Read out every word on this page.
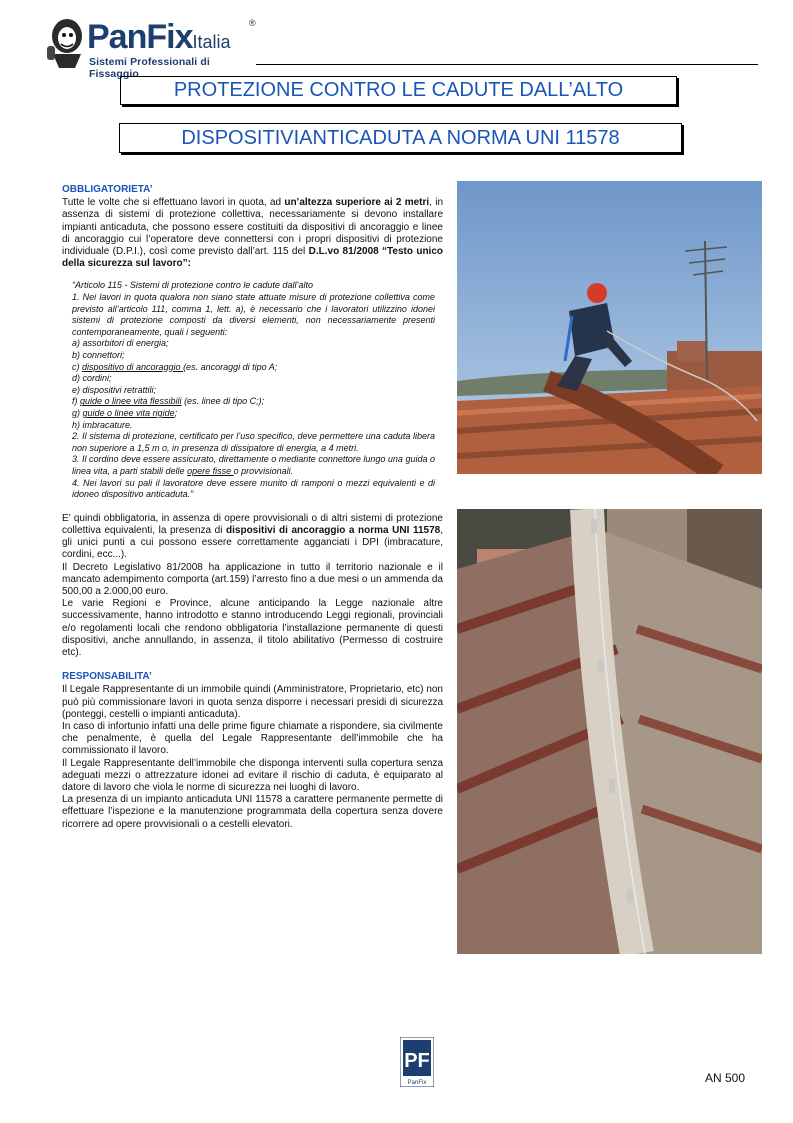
PanFixItalia
®
Sistemi Professionali di Fissaggio
PROTEZIONE CONTRO LE CADUTE DALL’ALTO
DISPOSITIVIANTICADUTA A NORMA UNI 11578
OBBLIGATORIETA’

Tutte le volte che si effettuano lavori in quota, ad un’altezza superiore ai 2 metri, in assenza di sistemi di protezione collettiva, necessariamente si devono installare impianti anticaduta, che possono essere costituiti da dispositivi di ancoraggio e linee di ancoraggio cui l’operatore deve connettersi con i propri dispositivi di protezione individuale (D.P.I.), così come previsto dall’art. 115 del D.L.vo 81/2008 “Testo unico della sicurezza sul lavoro”:

“Articolo 115 - Sistemi di protezione contro le cadute dall’alto

1. Nei lavori in quota qualora non siano state attuate misure di protezione collettiva come previsto all’articolo 111, comma 1, lett. a), è necessario che i lavoratori utilizzino idonei sistemi di protezione composti da diversi elementi, non necessariamente presenti contemporaneamente, quali i seguenti:

a) assorbitori di energia;
b) connettori;
c) dispositivo di ancoraggio (es. ancoraggi di tipo A;
d) cordini;
e) dispositivi retrattili;
f) guide o linee vita flessibili (es. linee di tipo C;);
g) guide o linee vita rigide;
h) imbracature.

2. Il sistema di protezione, certificato per l’uso specifico, deve permettere una caduta libera non superiore a 1,5 m o, in presenza di dissipatore di energia, a 4 metri.

3. Il cordino deve essere assicurato, direttamente o mediante connettore lungo una guida o linea vita, a parti stabili delle opere fisse o provvisionali.

4. Nei lavori su pali il lavoratore deve essere munito di ramponi o mezzi equivalenti e di idoneo dispositivo anticaduta.”

E’ quindi obbligatoria, in assenza di opere provvisionali o di altri sistemi di protezione collettiva equivalenti, la presenza di dispositivi di ancoraggio a norma UNI 11578, gli unici punti a cui possono essere correttamente agganciati i DPI (imbracature, cordini, ecc...).

Il Decreto Legislativo 81/2008 ha applicazione in tutto il territorio nazionale e il mancato adempimento comporta (art.159) l’arresto fino a due mesi o un ammenda da 500,00 a 2.000,00 euro.

Le varie Regioni e Province, alcune anticipando la Legge nazionale altre successivamente, hanno introdotto e stanno introducendo Leggi regionali, provinciali e/o regolamenti locali che rendono obbligatoria l’installazione permanente di questi dispositivi, anche annullando, in assenza, il titolo abilitativo (Permesso di costruire etc).

RESPONSABILITA’

Il Legale Rappresentante di un immobile quindi (Amministratore, Proprietario, etc) non può più commissionare lavori in quota senza disporre i necessari presidi di sicurezza (ponteggi, cestelli o impianti anticaduta).

In caso di infortunio infatti una delle prime figure chiamate a rispondere, sia civilmente che penalmente, è quella del Legale Rappresentante dell’immobile che ha commissionato il lavoro.

Il Legale Rappresentante dell’immobile che disponga interventi sulla copertura senza adeguati mezzi o attrezzature idonei ad evitare il rischio di caduta, è equiparato al datore di lavoro che viola le norme di sicurezza nei luoghi di lavoro.

La presenza di un impianto anticaduta UNI 11578 a carattere permanente permette di effettuare l’ispezione e la manutenzione programmata della copertura senza dovere ricorrere ad opere provvisionali o a cestelli elevatori.

PF
PanFix	AN 500
